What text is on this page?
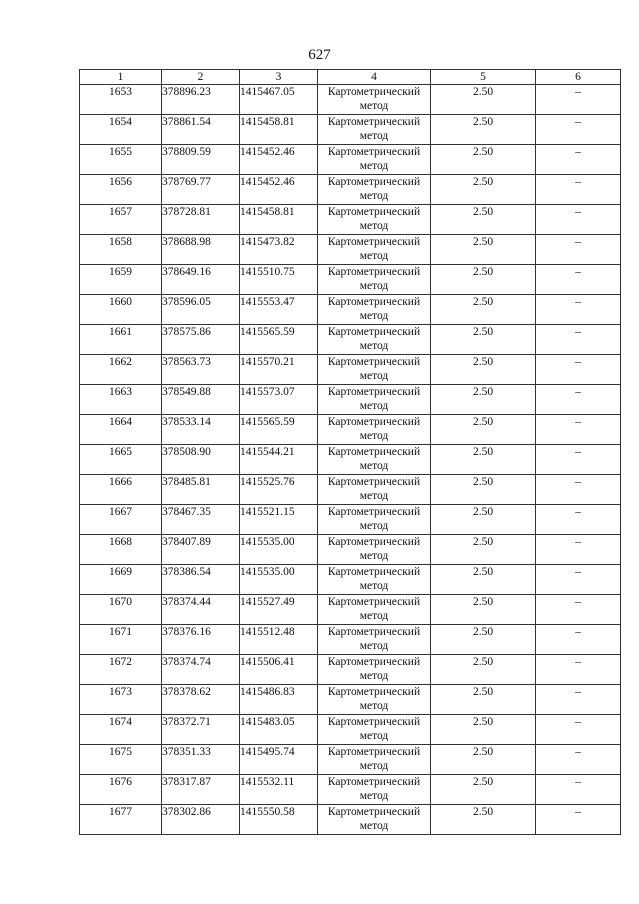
627
1	2	3	4	5	6
1653	378896.23	1415467.05	Картометрический метод	2.50	–
1654	378861.54	1415458.81	Картометрический метод	2.50	–
1655	378809.59	1415452.46	Картометрический метод	2.50	–
1656	378769.77	1415452.46	Картометрический метод	2.50	–
1657	378728.81	1415458.81	Картометрический метод	2.50	–
1658	378688.98	1415473.82	Картометрический метод	2.50	–
1659	378649.16	1415510.75	Картометрический метод	2.50	–
1660	378596.05	1415553.47	Картометрический метод	2.50	–
1661	378575.86	1415565.59	Картометрический метод	2.50	–
1662	378563.73	1415570.21	Картометрический метод	2.50	–
1663	378549.88	1415573.07	Картометрический метод	2.50	–
1664	378533.14	1415565.59	Картометрический метод	2.50	–
1665	378508.90	1415544.21	Картометрический метод	2.50	–
1666	378485.81	1415525.76	Картометрический метод	2.50	–
1667	378467.35	1415521.15	Картометрический метод	2.50	–
1668	378407.89	1415535.00	Картометрический метод	2.50	–
1669	378386.54	1415535.00	Картометрический метод	2.50	–
1670	378374.44	1415527.49	Картометрический метод	2.50	–
1671	378376.16	1415512.48	Картометрический метод	2.50	–
1672	378374.74	1415506.41	Картометрический метод	2.50	–
1673	378378.62	1415486.83	Картометрический метод	2.50	–
1674	378372.71	1415483.05	Картометрический метод	2.50	–
1675	378351.33	1415495.74	Картометрический метод	2.50	–
1676	378317.87	1415532.11	Картометрический метод	2.50	–
1677	378302.86	1415550.58	Картометрический метод	2.50	–
